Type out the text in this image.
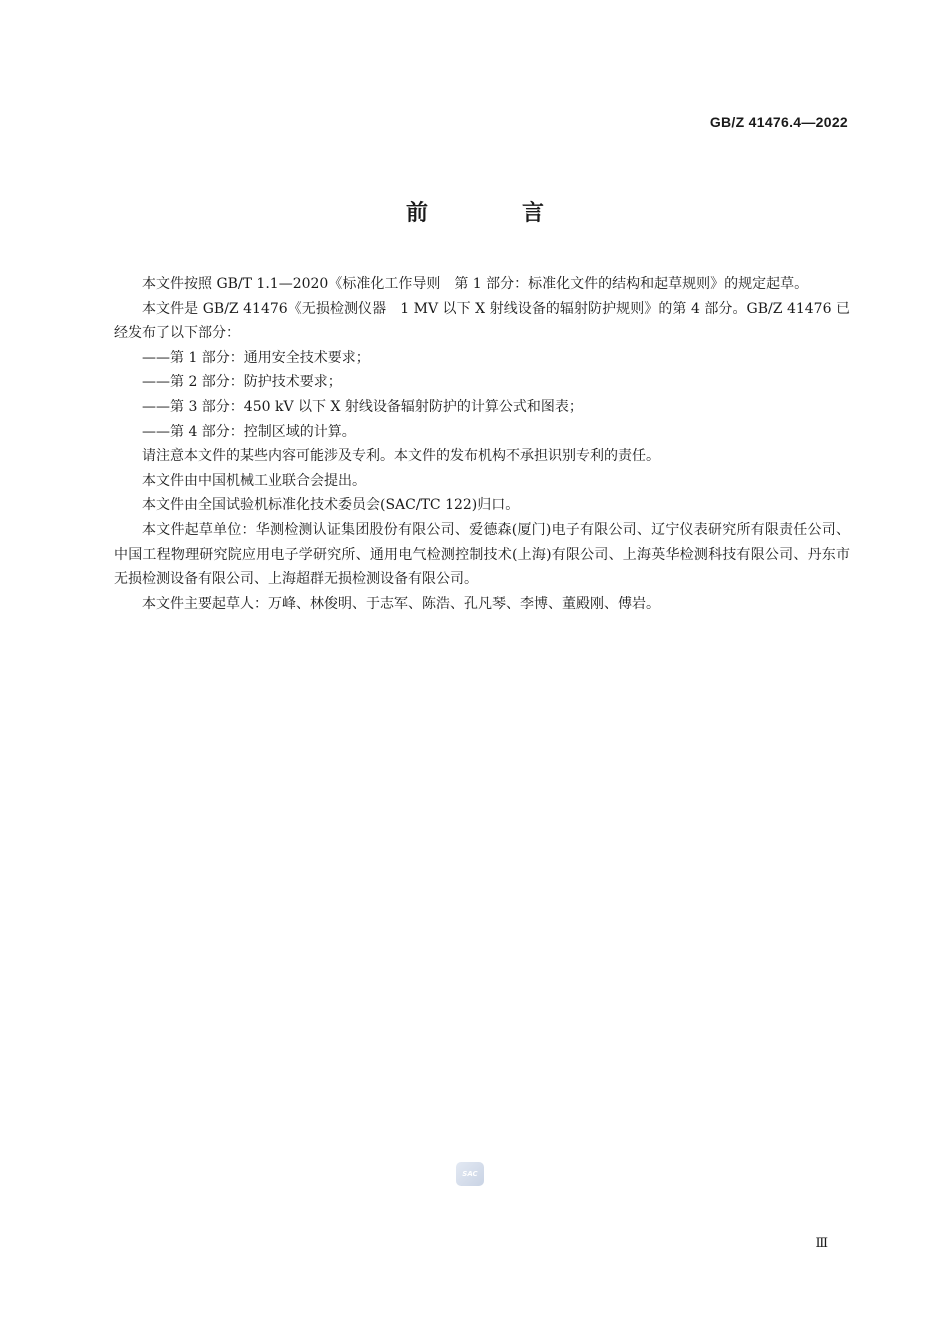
GB/Z 41476.4—2022
前　言

本文件按照 GB/T 1.1—2020《标准化工作导则　第 1 部分：标准化文件的结构和起草规则》的规定起草。

本文件是 GB/Z 41476《无损检测仪器　1 MV 以下 X 射线设备的辐射防护规则》的第 4 部分。GB/Z 41476 已经发布了以下部分：

——第 1 部分：通用安全技术要求；

——第 2 部分：防护技术要求；

——第 3 部分：450 kV 以下 X 射线设备辐射防护的计算公式和图表；

——第 4 部分：控制区域的计算。

请注意本文件的某些内容可能涉及专利。本文件的发布机构不承担识别专利的责任。

本文件由中国机械工业联合会提出。

本文件由全国试验机标准化技术委员会(SAC/TC 122)归口。

本文件起草单位：华测检测认证集团股份有限公司、爱德森(厦门)电子有限公司、辽宁仪表研究所有限责任公司、中国工程物理研究院应用电子学研究所、通用电气检测控制技术(上海)有限公司、上海英华检测科技有限公司、丹东市无损检测设备有限公司、上海超群无损检测设备有限公司。

本文件主要起草人：万峰、林俊明、于志军、陈浩、孔凡琴、李博、董殿刚、傅岩。

SAC
Ⅲ
